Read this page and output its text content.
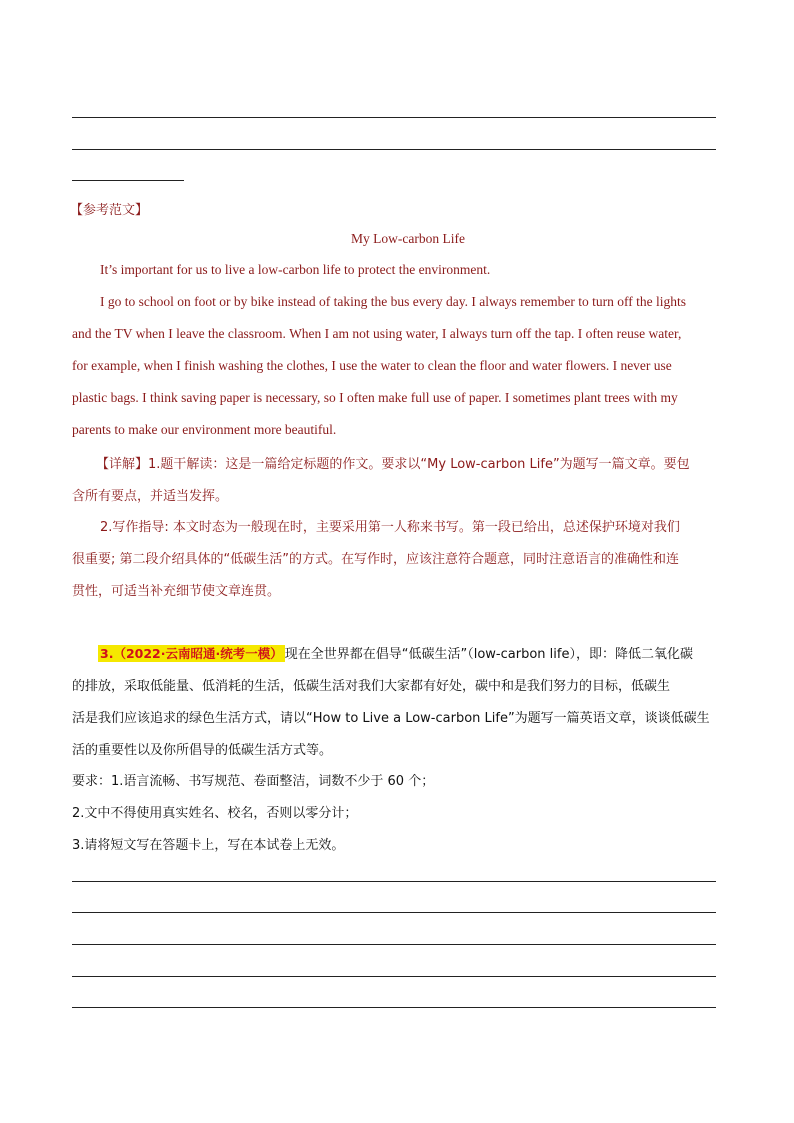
【参考范文】
My Low-carbon Life
It’s important for us to live a low-carbon life to protect the environment.
I go to school on foot or by bike instead of taking the bus every day. I always remember to turn off the lights
and the TV when I leave the classroom. When I am not using water, I always turn off the tap. I often reuse water,
for example, when I finish washing the clothes, I use the water to clean the floor and water flowers. I never use
plastic bags. I think saving paper is necessary, so I often make full use of paper. I sometimes plant trees with my
parents to make our environment more beautiful.
【详解】1.题干解读：这是一篇给定标题的作文。要求以“My Low-carbon Life”为题写一篇文章。要包
含所有要点，并适当发挥。
2.写作指导: 本文时态为一般现在时，主要采用第一人称来书写。第一段已给出，总述保护环境对我们
很重要; 第二段介绍具体的“低碳生活”的方式。在写作时，应该注意符合题意，同时注意语言的准确性和连
贯性，可适当补充细节使文章连贯。
3.（2022·云南昭通·统考一模） 现在全世界都在倡导“低碳生活”（low-carbon life），即：降低二氧化碳
的排放，采取低能量、低消耗的生活，低碳生活对我们大家都有好处，碳中和是我们努力的目标，低碳生
活是我们应该追求的绿色生活方式，请以“How to Live a Low-carbon Life”为题写一篇英语文章，谈谈低碳生
活的重要性以及你所倡导的低碳生活方式等。
要求：1.语言流畅、书写规范、卷面整洁，词数不少于 60 个；
2.文中不得使用真实姓名、校名，否则以零分计；
3.请将短文写在答题卡上，写在本试卷上无效。
